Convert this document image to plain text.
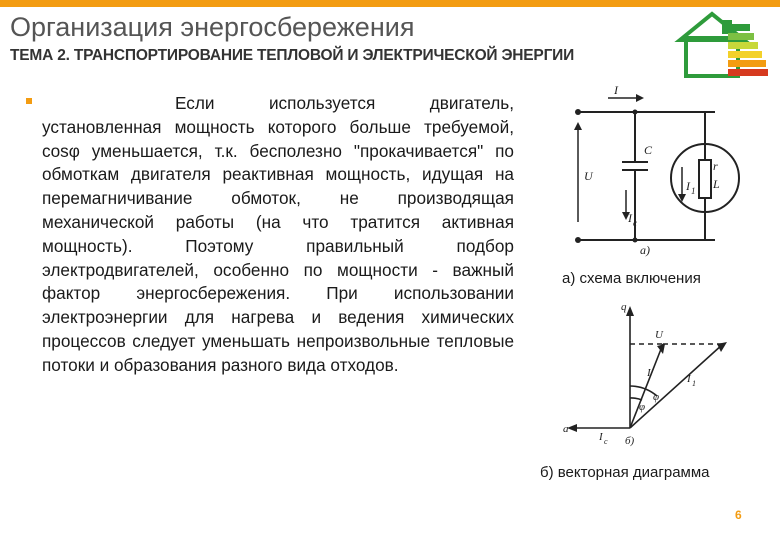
Организация энергосбережения
ТЕМА 2. ТРАНСПОРТИРОВАНИЕ ТЕПЛОВОЙ И ЭЛЕКТРИЧЕСКОЙ ЭНЕРГИИ
Если используется двигатель, установленная мощность которого больше требуемой, cosφ уменьшается, т.к. бесполезно "прокачивается" по обмоткам двигателя реактивная мощность, идущая на перемагничивание обмоток, не производящая механической работы (на что тратится активная мощность). Поэтому правильный подбор электродвигателей, особенно по мощности - важный фактор энергосбережения. При использовании электроэнергии для нагрева и ведения химических процессов следует уменьшать непроизвольные тепловые потоки и образования разного вида отходов.
I
U
C
I c
r
L
I 1
а)
а) схема включения
q
U
I	I 1
I c
φ
φ
а
б)
б) векторная диаграмма
6
